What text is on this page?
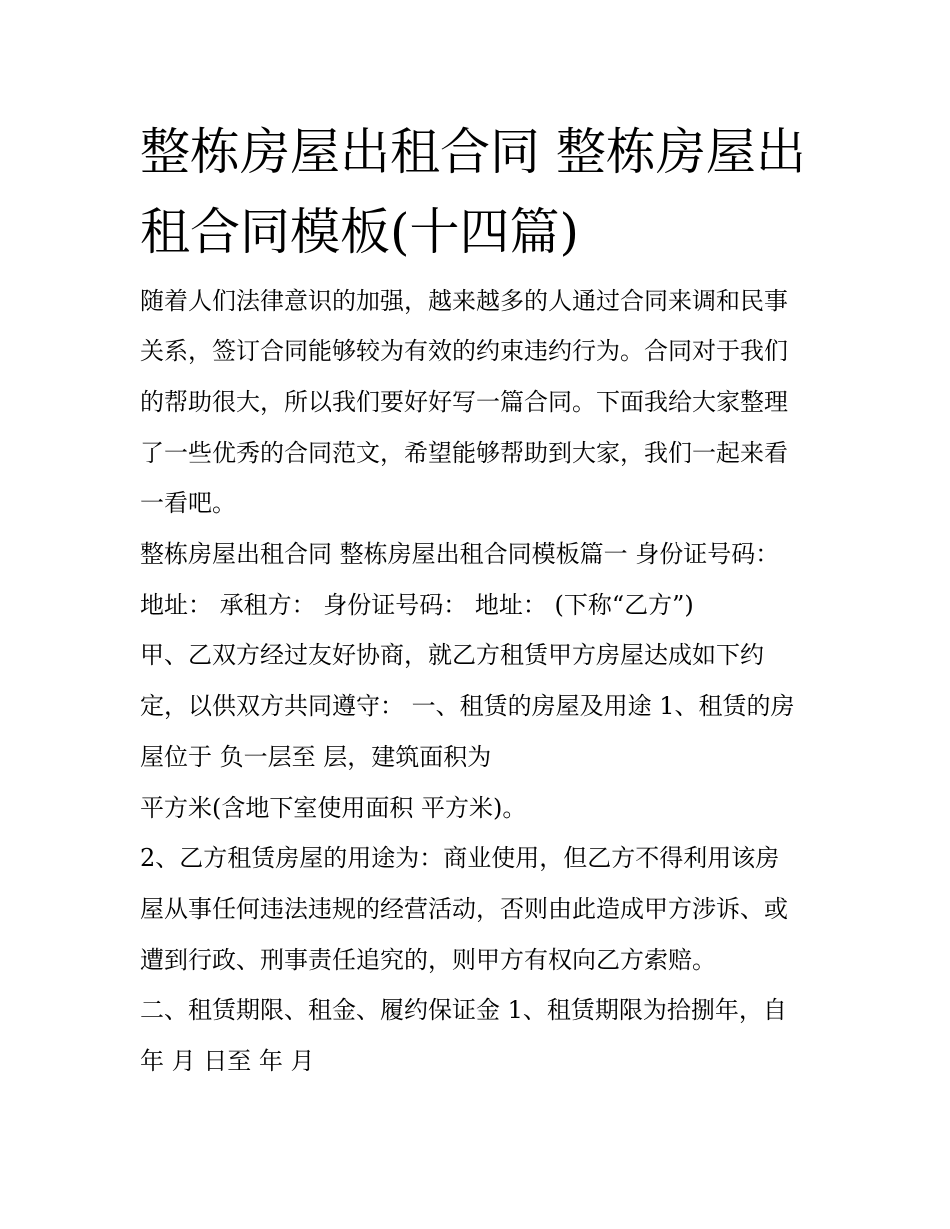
整栋房屋出租合同 整栋房屋出
租合同模板(十四篇)
随着人们法律意识的加强，越来越多的人通过合同来调和民事
关系，签订合同能够较为有效的约束违约行为。合同对于我们
的帮助很大，所以我们要好好写一篇合同。下面我给大家整理
了一些优秀的合同范文，希望能够帮助到大家，我们一起来看
一看吧。
整栋房屋出租合同 整栋房屋出租合同模板篇一 身份证号码：
地址： 承租方： 身份证号码： 地址： (下称“乙方”)
甲、乙双方经过友好协商，就乙方租赁甲方房屋达成如下约
定，以供双方共同遵守： 一、租赁的房屋及用途 1、租赁的房
屋位于 负一层至 层，建筑面积为
平方米(含地下室使用面积 平方米)。
2、乙方租赁房屋的用途为：商业使用，但乙方不得利用该房
屋从事任何违法违规的经营活动，否则由此造成甲方涉诉、或
遭到行政、刑事责任追究的，则甲方有权向乙方索赔。
二、租赁期限、租金、履约保证金 1、租赁期限为拾捌年，自
年 月 日至 年 月
